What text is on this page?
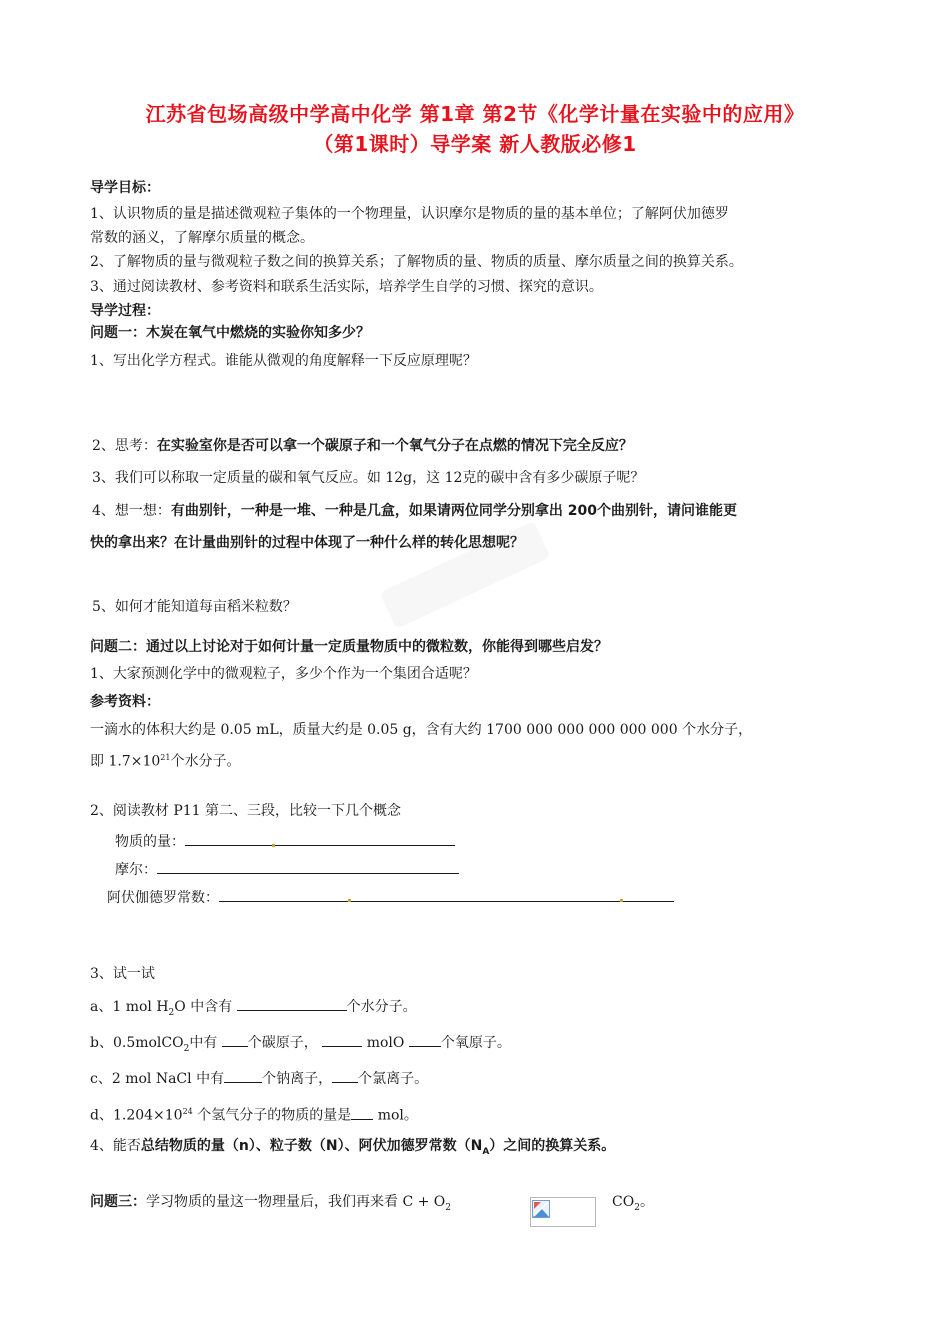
江苏省包场高级中学高中化学 第1章 第2节《化学计量在实验中的应用》
（第1课时）导学案 新人教版必修1
导学目标：
1、认识物质的量是描述微观粒子集体的一个物理量，认识摩尔是物质的量的基本单位；了解阿伏加德罗
常数的涵义，了解摩尔质量的概念。
2、了解物质的量与微观粒子数之间的换算关系；了解物质的量、物质的质量、摩尔质量之间的换算关系。
3、通过阅读教材、参考资料和联系生活实际，培养学生自学的习惯、探究的意识。
导学过程：
问题一：木炭在氧气中燃烧的实验你知多少？
1、写出化学方程式。谁能从微观的角度解释一下反应原理呢？
2、思考：在实验室你是否可以拿一个碳原子和一个氧气分子在点燃的情况下完全反应？
3、我们可以称取一定质量的碳和氧气反应。如 12g，这 12克的碳中含有多少碳原子呢？
4、想一想：有曲别针，一种是一堆、一种是几盒，如果请两位同学分别拿出 200个曲别针，请问谁能更
快的拿出来？在计量曲别针的过程中体现了一种什么样的转化思想呢？
5、如何才能知道每亩稻米粒数？
问题二：通过以上讨论对于如何计量一定质量物质中的微粒数，你能得到哪些启发？
1、大家预测化学中的微观粒子，多少个作为一个集团合适呢？
参考资料：
一滴水的体积大约是 0.05 mL，质量大约是 0.05 g，含有大约 1700 000 000 000 000 000 个水分子，
即 $1.7\times 10^{21}$个水分子。
2、阅读教材 P11 第二、三段，比较一下几个概念
物质的量：
摩尔：
阿伏伽德罗常数：
3、试一试
a、1 mol $H_2O$ 中含有	个水分子。
b、0.5molCO$_2$中有 个碳原子，	molO	个氧原子。
c、2 mol NaCl 中有	个钠离子， 个氯离子。
d、$1.204\times 10^{24}$ 个氢气分子的物质的量是 mol。
4、能否总结物质的量（n）、粒子数（N）、阿伏加德罗常数$(N_A)$之间的换算关系。
问题三：学习物质的量这一物理量后，我们再来看 $C + O_2$	$CO_2$。
